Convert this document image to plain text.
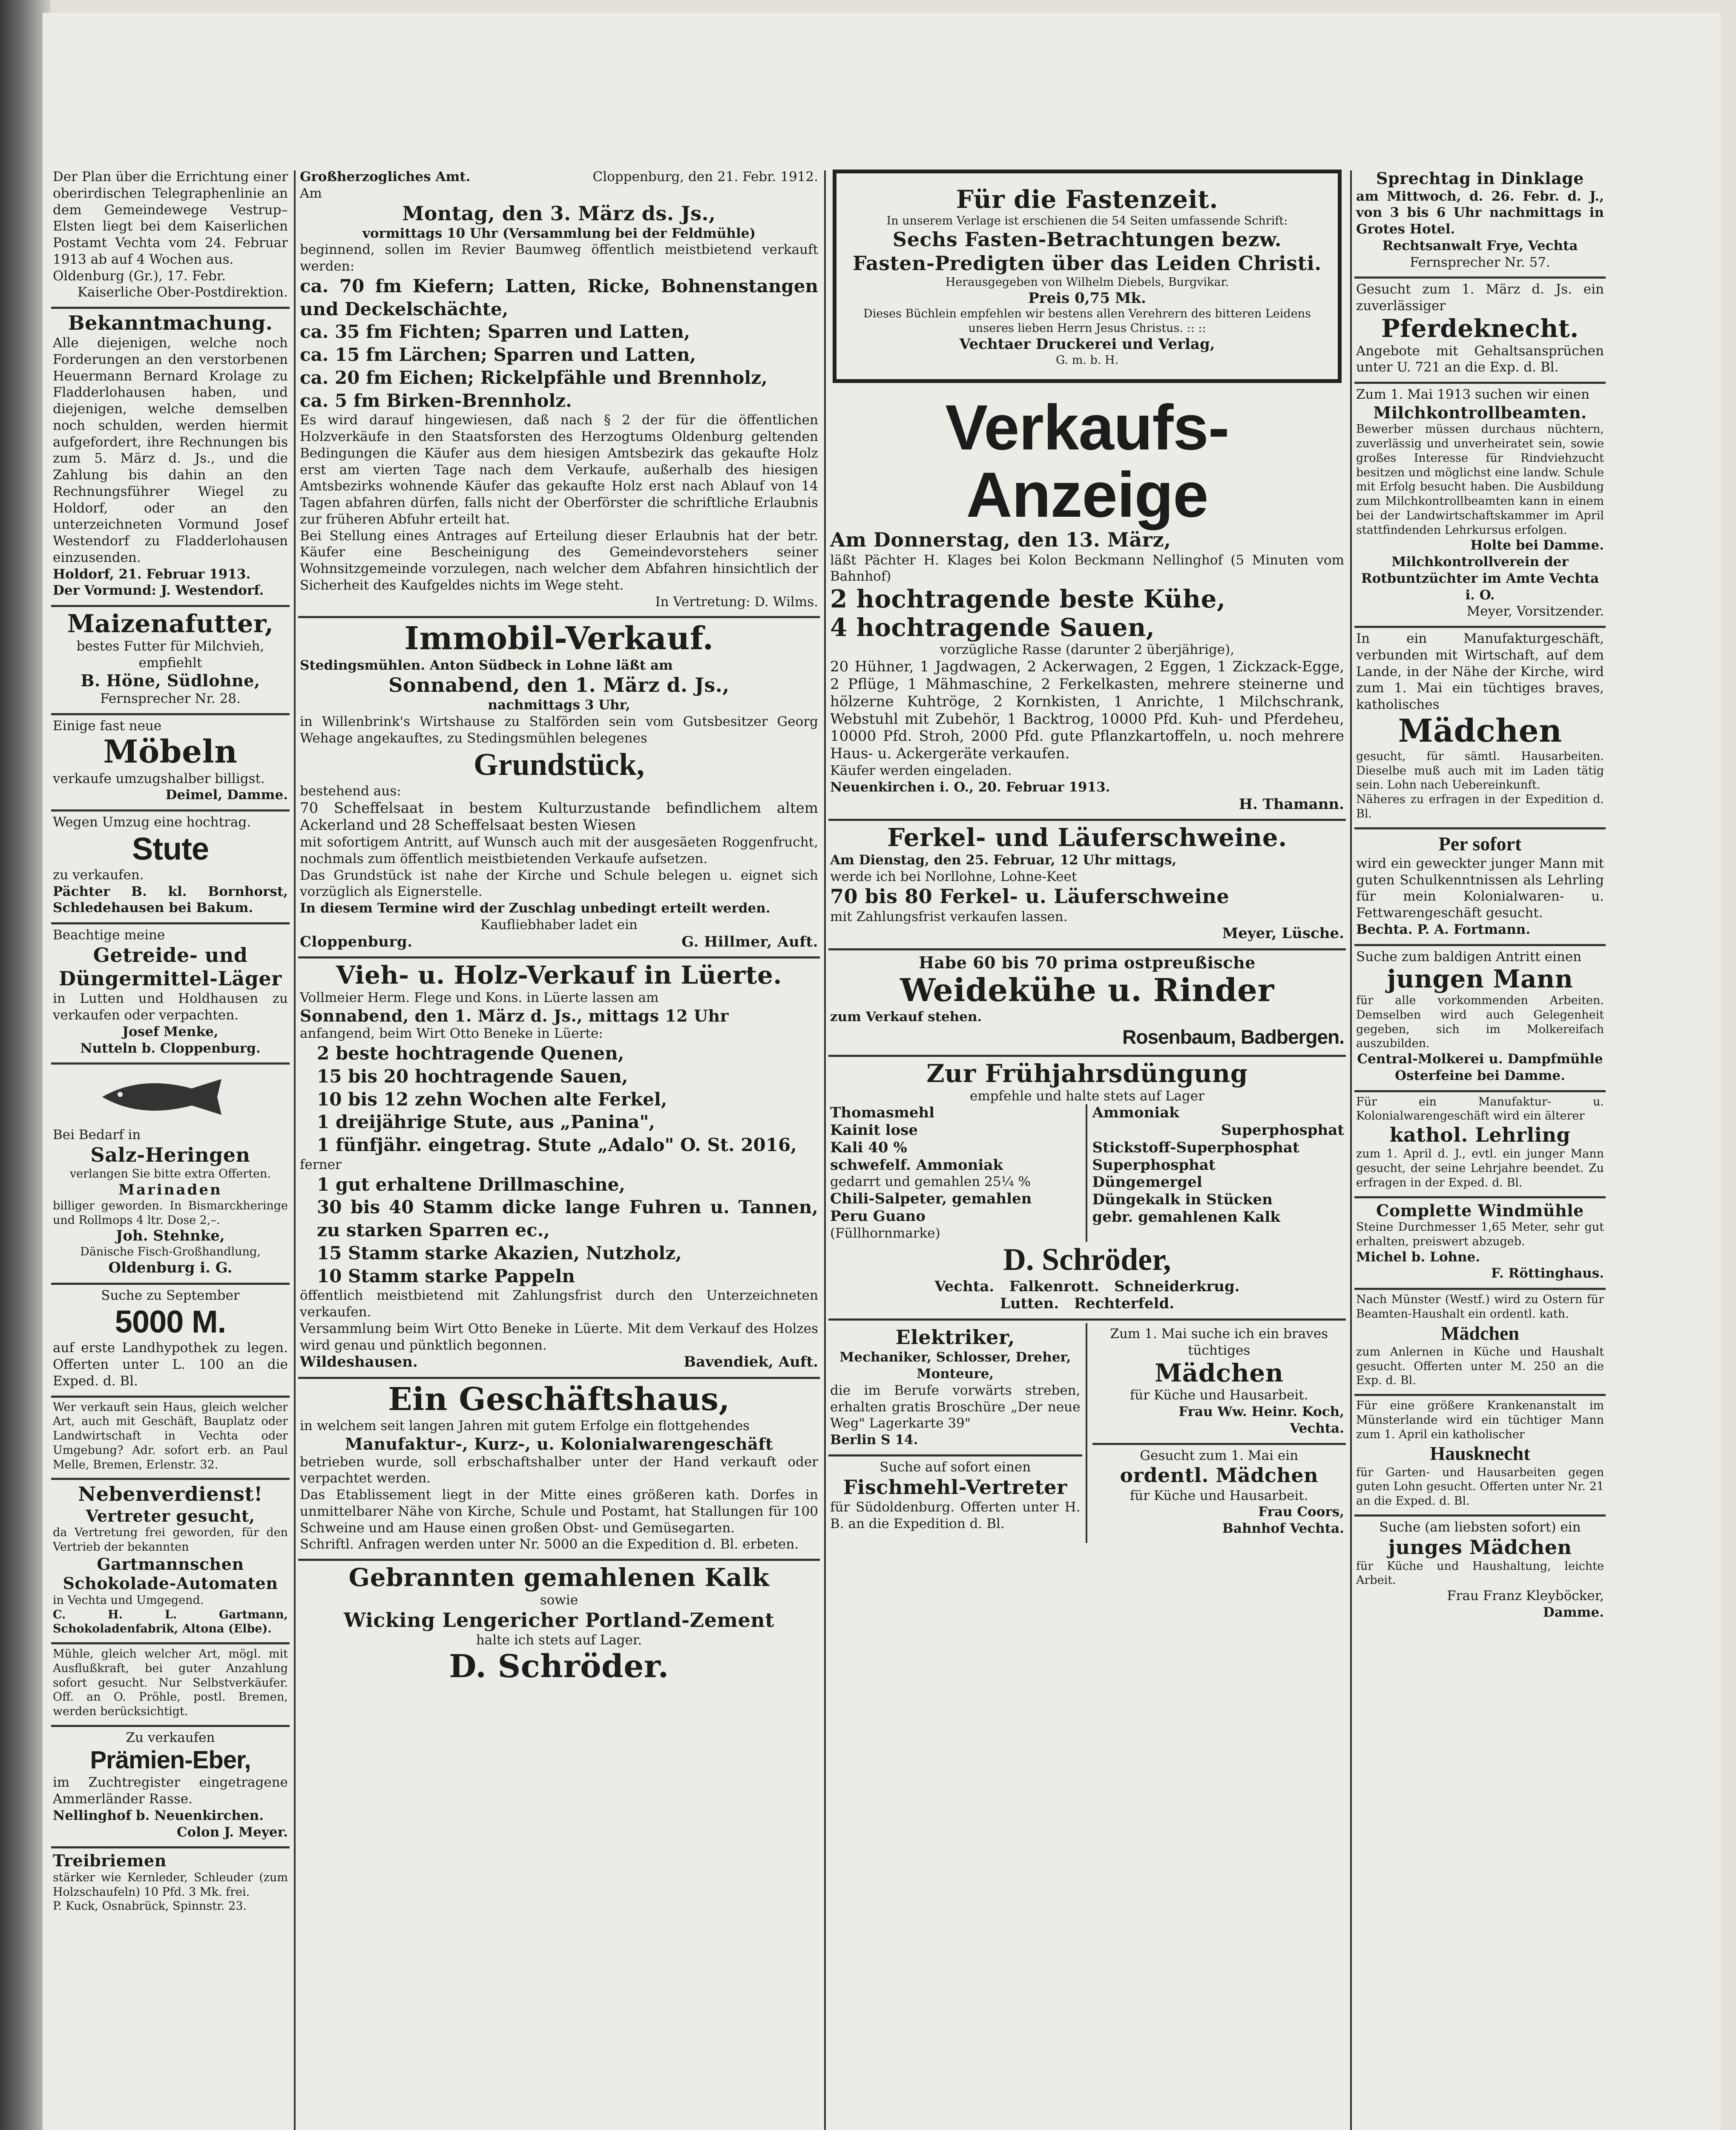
Der Plan über die Errichtung einer oberirdischen Telegraphenlinie an dem Gemeindewege Vestrup–Elsten liegt bei dem Kaiserlichen Postamt Vechta vom 24. Februar 1913 ab auf 4 Wochen aus.

Oldenburg (Gr.), 17. Febr.

Kaiserliche Ober-Postdirektion.

Bekanntmachung.

Alle diejenigen, welche noch Forderungen an den verstorbenen Heuermann Bernard Krolage zu Fladderlohausen haben, und diejenigen, welche demselben noch schulden, werden hiermit aufgefordert, ihre Rechnungen bis zum 5. März d. Js., und die Zahlung bis dahin an den Rechnungsführer Wiegel zu Holdorf, oder an den unterzeichneten Vormund Josef Westendorf zu Fladderlohausen einzusenden.

Holdorf, 21. Februar 1913.

Der Vormund: J. Westendorf.

Maizenafutter,

bestes Futter für Milchvieh, empfiehlt

B. Höne, Südlohne,

Fernsprecher Nr. 28.

Einige fast neue

Möbeln

verkaufe umzugshalber billigst.

Deimel, Damme.

Wegen Umzug eine hochtrag.

Stute

zu verkaufen.

Pächter B. kl. Bornhorst, Schledehausen bei Bakum.

Beachtige meine

Getreide- und Düngermittel-Läger

in Lutten und Holdhausen zu verkaufen oder verpachten.

Josef Menke,

Nutteln b. Cloppenburg.

Bei Bedarf in

Salz-Heringen

verlangen Sie bitte extra Offerten.

Marinaden

billiger geworden. In Bismarckheringe und Rollmops 4 ltr. Dose 2,–.

Joh. Stehnke,

Dänische Fisch-Großhandlung,

Oldenburg i. G.

Suche zu September

5000 M.

auf erste Landhypothek zu legen. Offerten unter L. 100 an die Exped. d. Bl.

Wer verkauft sein Haus, gleich welcher Art, auch mit Geschäft, Bauplatz oder Landwirtschaft in Vechta oder Umgebung? Adr. sofort erb. an Paul Melle, Bremen, Erlenstr. 32.

Nebenverdienst!

Vertreter gesucht,

da Vertretung frei geworden, für den Vertrieb der bekannten

Gartmannschen Schokolade-Automaten

in Vechta und Umgegend.

C. H. L. Gartmann, Schokoladenfabrik, Altona (Elbe).

Mühle, gleich welcher Art, mögl. mit Ausflußkraft, bei guter Anzahlung sofort gesucht. Nur Selbstverkäufer. Off. an O. Pröhle, postl. Bremen, werden berücksichtigt.

Zu verkaufen

Prämien-Eber,

im Zuchtregister eingetragene Ammerländer Rasse.

Nellinghof b. Neuenkirchen.

Colon J. Meyer.

Treibriemen

stärker wie Kernleder, Schleuder (zum Holzschaufeln) 10 Pfd. 3 Mk. frei.

P. Kuck, Osnabrück, Spinnstr. 23.

Großherzogliches Amt.	Cloppenburg, den 21. Febr. 1912.

Am

Montag, den 3. März ds. Js.,

vormittags 10 Uhr (Versammlung bei der Feldmühle)

beginnend, sollen im Revier Baumweg öffentlich meistbietend verkauft werden:

ca. 70 fm Kiefern; Latten, Ricke, Bohnenstangen und Deckelschächte,

ca. 35 fm Fichten; Sparren und Latten,

ca. 15 fm Lärchen; Sparren und Latten,

ca. 20 fm Eichen; Rickelpfähle und Brennholz,

ca. 5 fm Birken-Brennholz.

Es wird darauf hingewiesen, daß nach § 2 der für die öffentlichen Holzverkäufe in den Staatsforsten des Herzogtums Oldenburg geltenden Bedingungen die Käufer aus dem hiesigen Amtsbezirk das gekaufte Holz erst am vierten Tage nach dem Verkaufe, außerhalb des hiesigen Amtsbezirks wohnende Käufer das gekaufte Holz erst nach Ablauf von 14 Tagen abfahren dürfen, falls nicht der Oberförster die schriftliche Erlaubnis zur früheren Abfuhr erteilt hat.

Bei Stellung eines Antrages auf Erteilung dieser Erlaubnis hat der betr. Käufer eine Bescheinigung des Gemeindevorstehers seiner Wohnsitzgemeinde vorzulegen, nach welcher dem Abfahren hinsichtlich der Sicherheit des Kaufgeldes nichts im Wege steht.

In Vertretung: D. Wilms.

Immobil-Verkauf.

Stedingsmühlen. Anton Südbeck in Lohne läßt am

Sonnabend, den 1. März d. Js.,

nachmittags 3 Uhr,

in Willenbrink's Wirtshause zu Stalförden sein vom Gutsbesitzer Georg Wehage angekauftes, zu Stedingsmühlen belegenes

Grundstück,

bestehend aus:

70 Scheffelsaat in bestem Kulturzustande befindlichem altem Ackerland und 28 Scheffelsaat besten Wiesen

mit sofortigem Antritt, auf Wunsch auch mit der ausgesäeten Roggenfrucht, nochmals zum öffentlich meistbietenden Verkaufe aufsetzen.

Das Grundstück ist nahe der Kirche und Schule belegen u. eignet sich vorzüglich als Eignerstelle.

In diesem Termine wird der Zuschlag unbedingt erteilt werden.

Kaufliebhaber ladet ein

Cloppenburg.	G. Hillmer, Auft.

Vieh- u. Holz-Verkauf in Lüerte.

Vollmeier Herm. Flege und Kons. in Lüerte lassen am

Sonnabend, den 1. März d. Js., mittags 12 Uhr

anfangend, beim Wirt Otto Beneke in Lüerte:

2 beste hochtragende Quenen,

15 bis 20 hochtragende Sauen,

10 bis 12 zehn Wochen alte Ferkel,

1 dreijährige Stute, aus „Panina",

1 fünfjähr. eingetrag. Stute „Adalo" O. St. 2016,

ferner

1 gut erhaltene Drillmaschine,

30 bis 40 Stamm dicke lange Fuhren u. Tannen, zu starken Sparren ec.,

15 Stamm starke Akazien, Nutzholz,

10 Stamm starke Pappeln

öffentlich meistbietend mit Zahlungsfrist durch den Unterzeichneten verkaufen.

Versammlung beim Wirt Otto Beneke in Lüerte. Mit dem Verkauf des Holzes wird genau und pünktlich begonnen.

Wildeshausen.	Bavendiek, Auft.

Ein Geschäftshaus,

in welchem seit langen Jahren mit gutem Erfolge ein flottgehendes

Manufaktur-, Kurz-, u. Kolonialwarengeschäft

betrieben wurde, soll erbschaftshalber unter der Hand verkauft oder verpachtet werden.

Das Etablissement liegt in der Mitte eines größeren kath. Dorfes in unmittelbarer Nähe von Kirche, Schule und Postamt, hat Stallungen für 100 Schweine und am Hause einen großen Obst- und Gemüsegarten.

Schriftl. Anfragen werden unter Nr. 5000 an die Expedition d. Bl. erbeten.

Gebrannten gemahlenen Kalk

sowie

Wicking Lengericher Portland-Zement

halte ich stets auf Lager.

D. Schröder.

Für die Fastenzeit.

In unserem Verlage ist erschienen die 54 Seiten umfassende Schrift:

Sechs Fasten-Betrachtungen bezw. Fasten-Predigten über das Leiden Christi.

Herausgegeben von Wilhelm Diebels, Burgvikar.

Preis 0,75 Mk.

Dieses Büchlein empfehlen wir bestens allen Verehrern des bitteren Leidens unseres lieben Herrn Jesus Christus. :: ::

Vechtaer Druckerei und Verlag,

G. m. b. H.

Verkaufs-Anzeige

Am Donnerstag, den 13. März,

läßt Pächter H. Klages bei Kolon Beckmann Nellinghof (5 Minuten vom Bahnhof)

2 hochtragende beste Kühe,

4 hochtragende Sauen,

vorzügliche Rasse (darunter 2 überjährige),

20 Hühner, 1 Jagdwagen, 2 Ackerwagen, 2 Eggen, 1 Zickzack-Egge, 2 Pflüge, 1 Mähmaschine, 2 Ferkelkasten, mehrere steinerne und hölzerne Kuhtröge, 2 Kornkisten, 1 Anrichte, 1 Milchschrank, Webstuhl mit Zubehör, 1 Backtrog, 10000 Pfd. Kuh- und Pferdeheu, 10000 Pfd. Stroh, 2000 Pfd. gute Pflanzkartoffeln, u. noch mehrere Haus- u. Ackergeräte verkaufen.

Käufer werden eingeladen.

Neuenkirchen i. O., 20. Februar 1913.

H. Thamann.

Ferkel- und Läuferschweine.

Am Dienstag, den 25. Februar, 12 Uhr mittags,

werde ich bei Norllohne, Lohne-Keet

70 bis 80 Ferkel- u. Läuferschweine

mit Zahlungsfrist verkaufen lassen.

Meyer, Lüsche.

Habe 60 bis 70 prima ostpreußische

Weidekühe u. Rinder

zum Verkauf stehen.

Rosenbaum, Badbergen.

Zur Frühjahrsdüngung

empfehle und halte stets auf Lager

Thomasmehl

Kainit lose

Kali 40 %

schwefelf. Ammoniak

gedarrt und gemahlen 25¼ %

Chili-Salpeter, gemahlen

Peru Guano

(Füllhornmarke)

Ammoniak

Superphosphat

Stickstoff-Superphosphat

Superphosphat

Düngemergel

Düngekalk in Stücken

gebr. gemahlenen Kalk

D. Schröder,

Vechta.   Falkenrott.   Schneiderkrug.

Lutten.   Rechterfeld.

Elektriker,

Mechaniker, Schlosser, Dreher, Monteure,

die im Berufe vorwärts streben, erhalten gratis Broschüre „Der neue Weg" Lagerkarte 39"

Berlin S 14.

Suche auf sofort einen

Fischmehl-Vertreter

für Südoldenburg. Offerten unter H. B. an die Expedition d. Bl.

Zum 1. Mai suche ich ein braves tüchtiges

Mädchen

für Küche und Hausarbeit.

Frau Ww. Heinr. Koch,

Vechta.

Gesucht zum 1. Mai ein

ordentl. Mädchen

für Küche und Hausarbeit.

Frau Coors,

Bahnhof Vechta.

Sprechtag in Dinklage

am Mittwoch, d. 26. Febr. d. J., von 3 bis 6 Uhr nachmittags in Grotes Hotel.

Rechtsanwalt Frye, Vechta

Fernsprecher Nr. 57.

Gesucht zum 1. März d. Js. ein zuverlässiger

Pferdeknecht.

Angebote mit Gehaltsansprüchen unter U. 721 an die Exp. d. Bl.

Zum 1. Mai 1913 suchen wir einen

Milchkontrollbeamten.

Bewerber müssen durchaus nüchtern, zuverlässig und unverheiratet sein, sowie großes Interesse für Rindviehzucht besitzen und möglichst eine landw. Schule mit Erfolg besucht haben. Die Ausbildung zum Milchkontrollbeamten kann in einem bei der Landwirtschaftskammer im April stattfindenden Lehrkursus erfolgen.

Holte bei Damme.

Milchkontrollverein der Rotbuntzüchter im Amte Vechta i. O.

Meyer, Vorsitzender.

In ein Manufakturgeschäft, verbunden mit Wirtschaft, auf dem Lande, in der Nähe der Kirche, wird zum 1. Mai ein tüchtiges braves, katholisches

Mädchen

gesucht, für sämtl. Hausarbeiten. Dieselbe muß auch mit im Laden tätig sein. Lohn nach Uebereinkunft.

Näheres zu erfragen in der Expedition d. Bl.

Per sofort

wird ein geweckter junger Mann mit guten Schulkenntnissen als Lehrling für mein Kolonialwaren- u. Fettwarengeschäft gesucht.

Bechta. P. A. Fortmann.

Suche zum baldigen Antritt einen

jungen Mann

für alle vorkommenden Arbeiten. Demselben wird auch Gelegenheit gegeben, sich im Molkereifach auszubilden.

Central-Molkerei u. Dampfmühle Osterfeine bei Damme.

Für ein Manufaktur- u. Kolonialwarengeschäft wird ein älterer

kathol. Lehrling

zum 1. April d. J., evtl. ein junger Mann gesucht, der seine Lehrjahre beendet. Zu erfragen in der Exped. d. Bl.

Complette Windmühle

Steine Durchmesser 1,65 Meter, sehr gut erhalten, preiswert abzugeb.

Michel b. Lohne.

F. Röttinghaus.

Nach Münster (Westf.) wird zu Ostern für Beamten-Haushalt ein ordentl. kath.

Mädchen

zum Anlernen in Küche und Haushalt gesucht. Offerten unter M. 250 an die Exp. d. Bl.

Für eine größere Krankenanstalt im Münsterlande wird ein tüchtiger Mann zum 1. April ein katholischer

Hausknecht

für Garten- und Hausarbeiten gegen guten Lohn gesucht. Offerten unter Nr. 21 an die Exped. d. Bl.

Suche (am liebsten sofort) ein

junges Mädchen

für Küche und Haushaltung, leichte Arbeit.

Frau Franz Kleyböcker,

Damme.
